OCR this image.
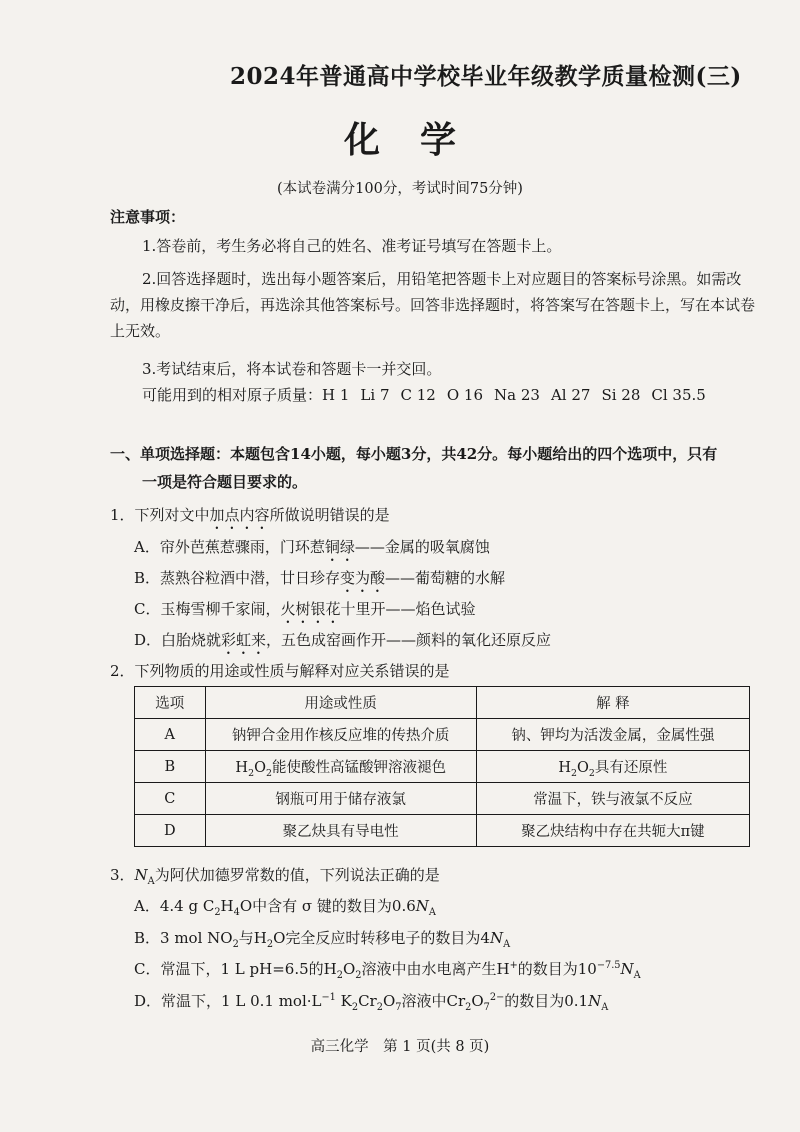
2024年普通高中学校毕业年级教学质量检测(三)
化学
(本试卷满分100分，考试时间75分钟)
注意事项：
1.答卷前，考生务必将自己的姓名、准考证号填写在答题卡上。
2.回答选择题时，选出每小题答案后，用铅笔把答题卡上对应题目的答案标号涂黑。如需改动，用橡皮擦干净后，再选涂其他答案标号。回答非选择题时，将答案写在答题卡上，写在本试卷上无效。
3.考试结束后，将本试卷和答题卡一并交回。
可能用到的相对原子质量：H 1 Li 7 C 12 O 16 Na 23 Al 27 Si 28 Cl 35.5
一、单项选择题：本题包含14小题，每小题3分，共42分。每小题给出的四个选项中，只有
一项是符合题目要求的。
1．下列对文中加点内容所做说明错误的是
A．帘外芭蕉惹骤雨，门环惹铜绿——金属的吸氧腐蚀
B．蒸熟谷粒酒中潜，廿日珍存变为酸——葡萄糖的水解
C．玉梅雪柳千家闹，火树银花十里开——焰色试验
D．白胎烧就彩虹来，五色成窑画作开——颜料的氧化还原反应
2．下列物质的用途或性质与解释对应关系错误的是
选项	用途或性质	解 释
A	钠钾合金用作核反应堆的传热介质	钠、钾均为活泼金属，金属性强
B	$H_2O_2$能使酸性高锰酸钾溶液褪色	$H_2O_2$具有还原性
C	钢瓶可用于储存液氯	常温下，铁与液氯不反应
D	聚乙炔具有导电性	聚乙炔结构中存在共轭大π键
3．$N_A$为阿伏加德罗常数的值，下列说法正确的是
A．4.4 g $C_2H_4O$中含有 σ 键的数目为$0.6N_A$
B．3 mol $NO_2$与$H_2O$完全反应时转移电子的数目为$4N_A$
C．常温下，1 L pH=6.5的$H_2O_2$溶液中由水电离产生H+的数目为$10^{-7.5}N_A$
D．常温下，1 L 0.1 $mol\cdot L^{-1}$ $K_2Cr_2O_7$溶液中$Cr_2O_7^{2-}$的数目为$0.1N_A$
高三化学　第 1 页(共 8 页)
